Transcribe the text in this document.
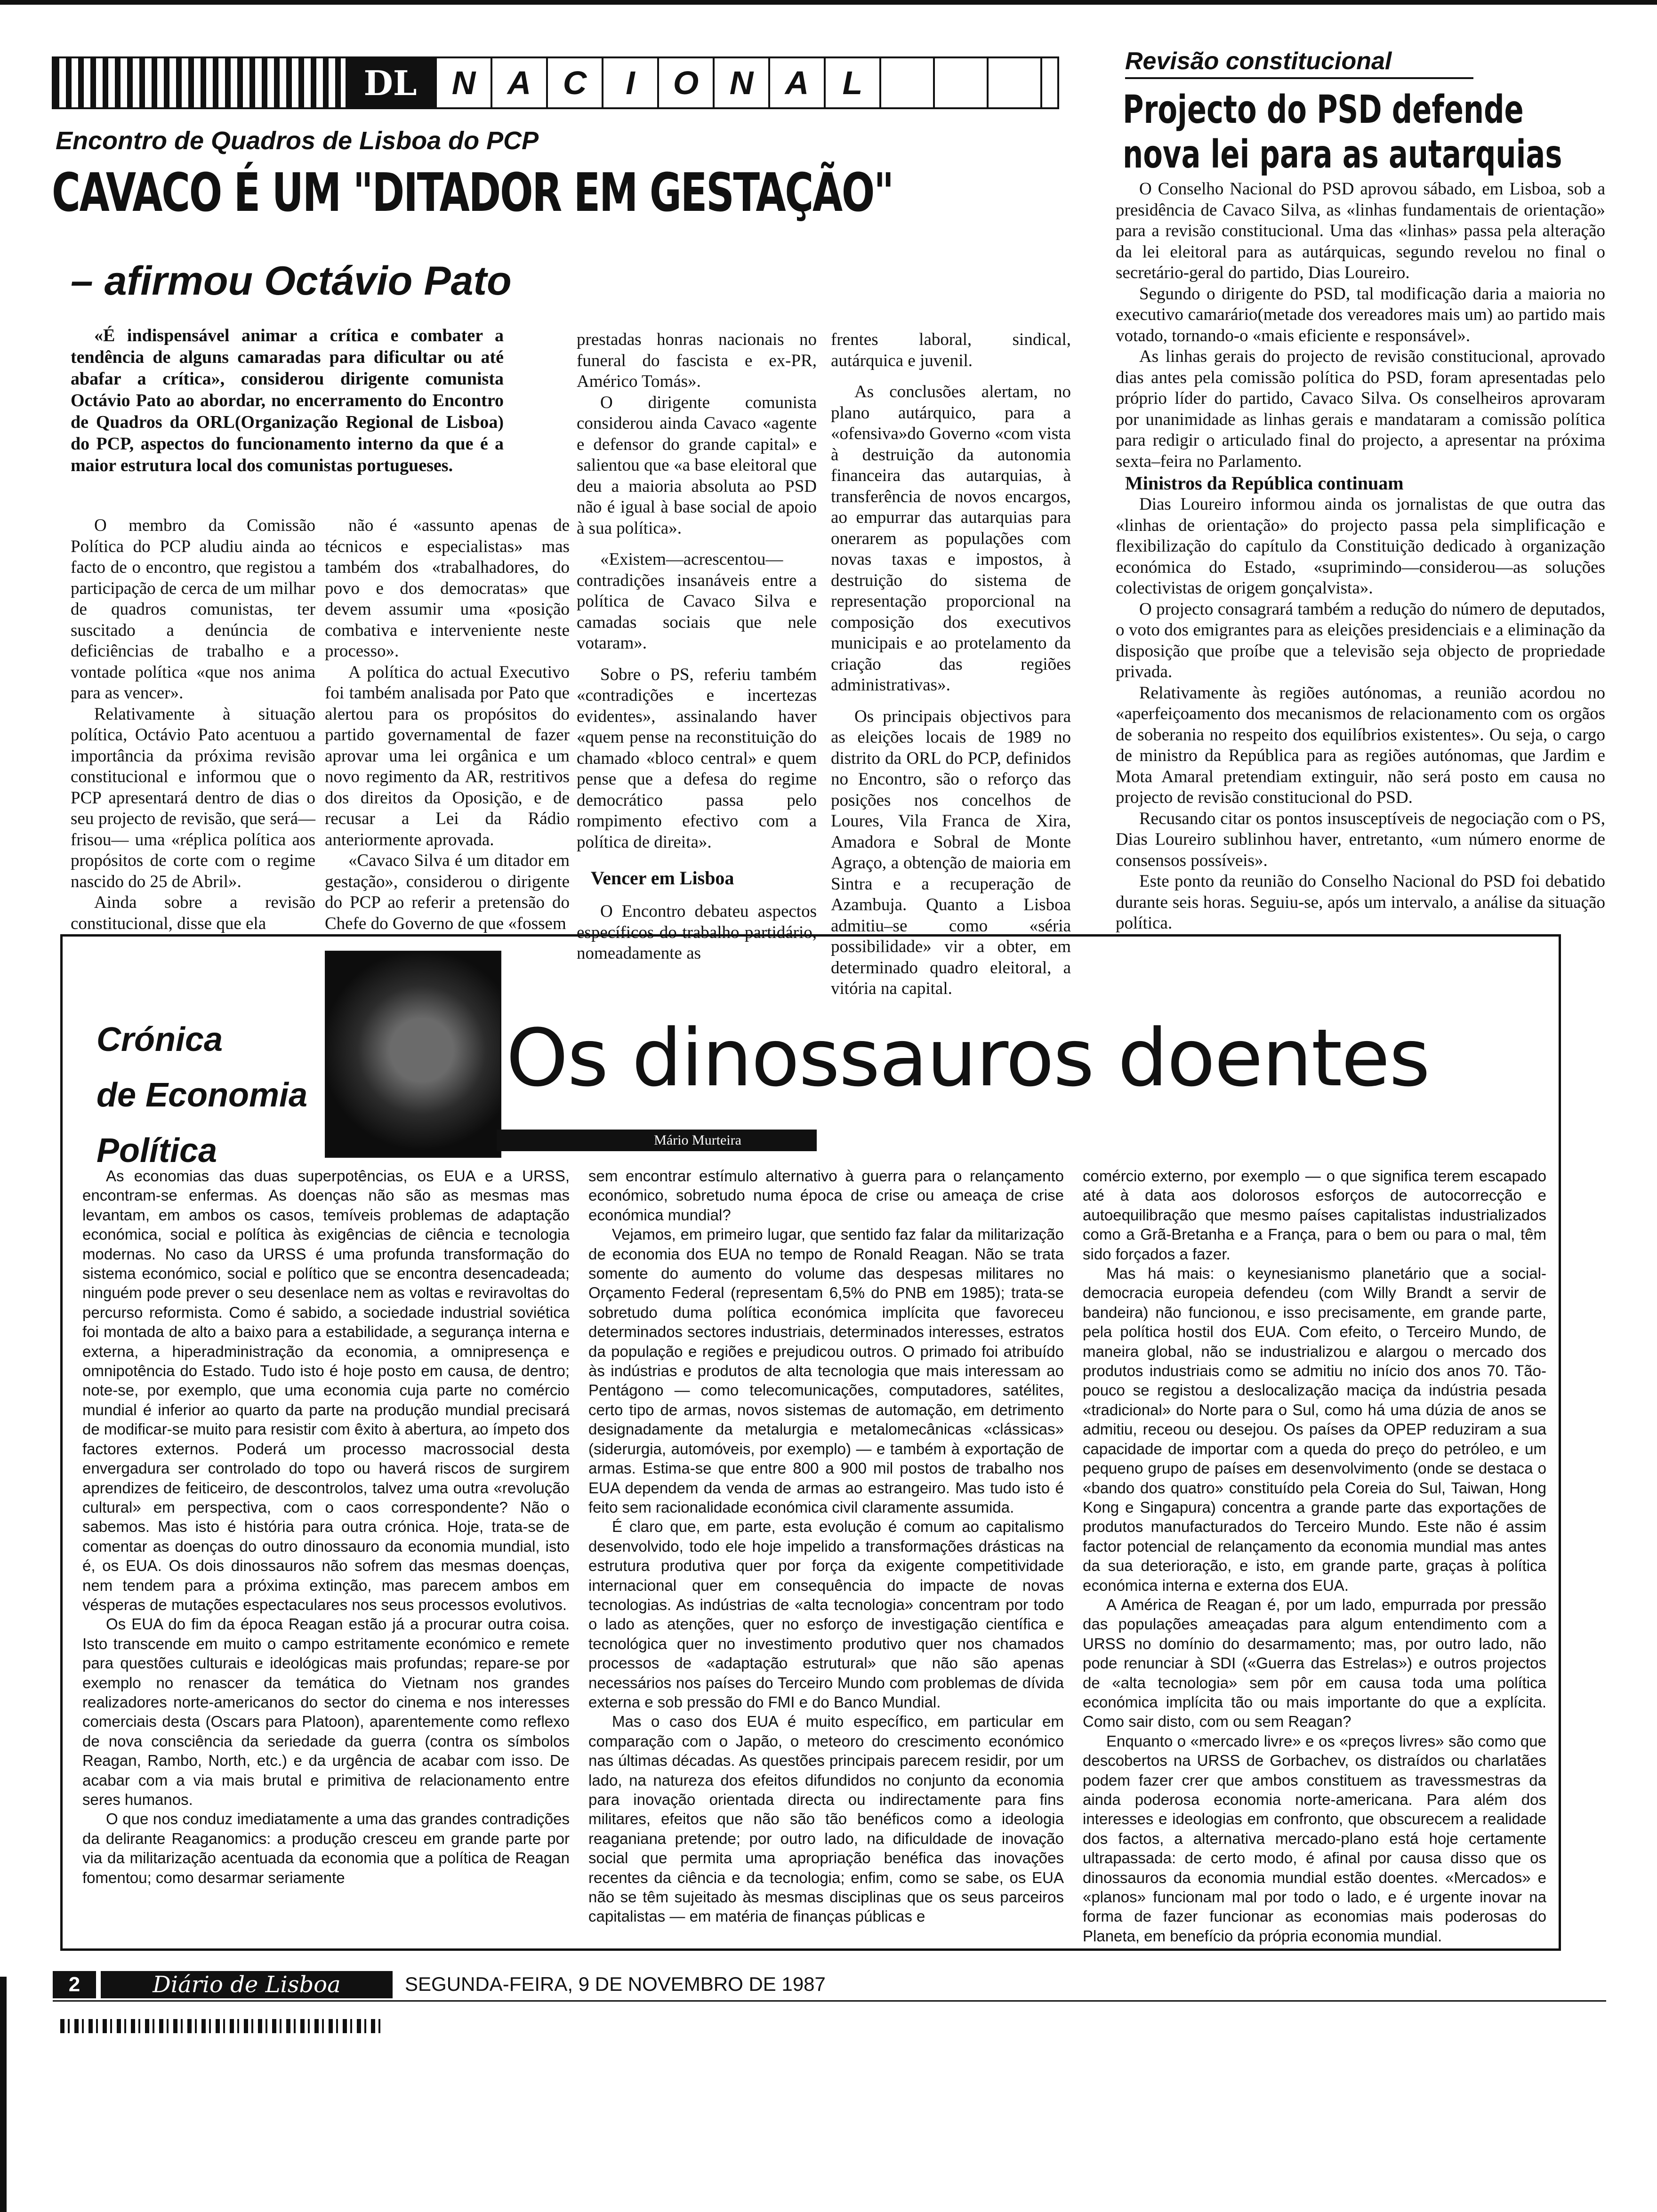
DL	N A C	I	O N A	L
Encontro de Quadros de Lisboa do PCP
CAVACO É UM "DITADOR EM GESTAÇÃO"
– afirmou Octávio Pato

«É indispensável animar a crítica e combater a tendência de alguns camaradas para dificultar ou até abafar a crítica», considerou dirigente comunista Octávio Pato ao abordar, no encerramento do Encontro de Quadros da ORL(Organização Regional de Lisboa) do PCP, aspectos do funcionamento interno da que é a maior estrutura local dos comunistas portugueses.

O membro da Comissão Política do PCP aludiu ainda ao facto de o encontro, que registou a participação de cerca de um milhar de quadros comunistas, ter suscitado a denúncia de deficiências de trabalho e a vontade política «que nos anima para as vencer».

Relativamente à situação política, Octávio Pato acentuou a importância da próxima revisão constitucional e informou que o PCP apresentará dentro de dias o seu projecto de revisão, que será—frisou— uma «réplica política aos propósitos de corte com o regime nascido do 25 de Abril».

Ainda sobre a revisão constitucional, disse que ela

não é «assunto apenas de técnicos e especialistas» mas também dos «trabalhadores, do povo e dos democratas» que devem assumir uma «posição combativa e interveniente neste processo».

A política do actual Executivo foi também analisada por Pato que alertou para os propósitos do partido governamental de fazer aprovar uma lei orgânica e um novo regimento da AR, restritivos dos direitos da Oposição, e de recusar a Lei da Rádio anteriormente aprovada.

«Cavaco Silva é um ditador em gestação», considerou o dirigente do PCP ao referir a pretensão do Chefe do Governo de que «fossem

prestadas honras nacionais no funeral do fascista e ex-PR, Américo Tomás».

O dirigente comunista considerou ainda Cavaco «agente e defensor do grande capital» e salientou que «a base eleitoral que deu a maioria absoluta ao PSD não é igual à base social de apoio à sua política».

«Existem—acrescentou— contradições insanáveis entre a política de Cavaco Silva e camadas sociais que nele votaram».

Sobre o PS, referiu também «contradições e incertezas evidentes», assinalando haver «quem pense na reconstituição do chamado «bloco central» e quem pense que a defesa do regime democrático passa pelo rompimento efectivo com a política de direita».

Vencer em Lisboa

O Encontro debateu aspectos específicos do trabalho partidário, nomeadamente as

frentes laboral, sindical, autárquica e juvenil.

As conclusões alertam, no plano autárquico, para a «ofensiva»do Governo «com vista à destruição da autonomia financeira das autarquias, à transferência de novos encargos, ao empurrar das autarquias para onerarem as populações com novas taxas e impostos, à destruição do sistema de representação proporcional na composição dos executivos municipais e ao protelamento da criação das regiões administrativas».

Os principais objectivos para as eleições locais de 1989 no distrito da ORL do PCP, definidos no Encontro, são o reforço das posições nos concelhos de Loures, Vila Franca de Xira, Amadora e Sobral de Monte Agraço, a obtenção de maioria em Sintra e a recuperação de Azambuja. Quanto a Lisboa admitiu–se como «séria possibilidade» vir a obter, em determinado quadro eleitoral, a vitória na capital.

Revisão constitucional
Projecto do PSD defende
nova lei para as autarquias

O Conselho Nacional do PSD aprovou sábado, em Lisboa, sob a presidência de Cavaco Silva, as «linhas fundamentais de orientação» para a revisão constitucional. Uma das «linhas» passa pela alteração da lei eleitoral para as autárquicas, segundo revelou no final o secretário-geral do partido, Dias Loureiro.

Segundo o dirigente do PSD, tal modificação daria a maioria no executivo camarário(metade dos vereadores mais um) ao partido mais votado, tornando-o «mais eficiente e responsável».

As linhas gerais do projecto de revisão constitucional, aprovado dias antes pela comissão política do PSD, foram apresentadas pelo próprio líder do partido, Cavaco Silva. Os conselheiros aprovaram por unanimidade as linhas gerais e mandataram a comissão política para redigir o articulado final do projecto, a apresentar na próxima sexta–feira no Parlamento.

Ministros da República continuam

Dias Loureiro informou ainda os jornalistas de que outra das «linhas de orientação» do projecto passa pela simplificação e flexibilização do capítulo da Constituição dedicado à organização económica do Estado, «suprimindo—considerou—as soluções colectivistas de origem gonçalvista».

O projecto consagrará também a redução do número de deputados, o voto dos emigrantes para as eleições presidenciais e a eliminação da disposição que proíbe que a televisão seja objecto de propriedade privada.

Relativamente às regiões autónomas, a reunião acordou no «aperfeiçoamento dos mecanismos de relacionamento com os orgãos de soberania no respeito dos equilíbrios existentes». Ou seja, o cargo de ministro da República para as regiões autónomas, que Jardim e Mota Amaral pretendiam extinguir, não será posto em causa no projecto de revisão constitucional do PSD.

Recusando citar os pontos insusceptíveis de negociação com o PS, Dias Loureiro sublinhou haver, entretanto, «um número enorme de consensos possíveis».

Este ponto da reunião do Conselho Nacional do PSD foi debatido durante seis horas. Seguiu-se, após um intervalo, a análise da situação política.

Crónica
de Economia
Política
Os dinossauros doentes
Mário Murteira

As economias das duas superpotências, os EUA e a URSS, encontram-se enfermas. As doenças não são as mesmas mas levantam, em ambos os casos, temíveis problemas de adaptação económica, social e política às exigências de ciência e tecnologia modernas. No caso da URSS é uma profunda transformação do sistema económico, social e político que se encontra desencadeada; ninguém pode prever o seu desenlace nem as voltas e reviravoltas do percurso reformista. Como é sabido, a sociedade industrial soviética foi montada de alto a baixo para a estabilidade, a segurança interna e externa, a hiperadministração da economia, a omnipresença e omnipotência do Estado. Tudo isto é hoje posto em causa, de dentro; note-se, por exemplo, que uma economia cuja parte no comércio mundial é inferior ao quarto da parte na produção mundial precisará de modificar-se muito para resistir com êxito à abertura, ao ímpeto dos factores externos. Poderá um processo macrossocial desta envergadura ser controlado do topo ou haverá riscos de surgirem aprendizes de feiticeiro, de descontrolos, talvez uma outra «revolução cultural» em perspectiva, com o caos correspondente? Não o sabemos. Mas isto é história para outra crónica. Hoje, trata-se de comentar as doenças do outro dinossauro da economia mundial, isto é, os EUA. Os dois dinossauros não sofrem das mesmas doenças, nem tendem para a próxima extinção, mas parecem ambos em vésperas de mutações espectaculares nos seus processos evolutivos.

Os EUA do fim da época Reagan estão já a procurar outra coisa. Isto transcende em muito o campo estritamente económico e remete para questões culturais e ideológicas mais profundas; repare-se por exemplo no renascer da temática do Vietnam nos grandes realizadores norte-americanos do sector do cinema e nos interesses comerciais desta (Oscars para Platoon), aparentemente como reflexo de nova consciência da seriedade da guerra (contra os símbolos Reagan, Rambo, North, etc.) e da urgência de acabar com isso. De acabar com a via mais brutal e primitiva de relacionamento entre seres humanos.

O que nos conduz imediatamente a uma das grandes contradições da delirante Reaganomics: a produção cresceu em grande parte por via da militarização acentuada da economia que a política de Reagan fomentou; como desarmar seriamente

sem encontrar estímulo alternativo à guerra para o relançamento económico, sobretudo numa época de crise ou ameaça de crise económica mundial?

Vejamos, em primeiro lugar, que sentido faz falar da militarização de economia dos EUA no tempo de Ronald Reagan. Não se trata somente do aumento do volume das despesas militares no Orçamento Federal (representam 6,5% do PNB em 1985); trata-se sobretudo duma política económica implícita que favoreceu determinados sectores industriais, determinados interesses, estratos da população e regiões e prejudicou outros. O primado foi atribuído às indústrias e produtos de alta tecnologia que mais interessam ao Pentágono — como telecomunicações, computadores, satélites, certo tipo de armas, novos sistemas de automação, em detrimento designadamente da metalurgia e metalomecânicas «clássicas» (siderurgia, automóveis, por exemplo) — e também à exportação de armas. Estima-se que entre 800 a 900 mil postos de trabalho nos EUA dependem da venda de armas ao estrangeiro. Mas tudo isto é feito sem racionalidade económica civil claramente assumida.

É claro que, em parte, esta evolução é comum ao capitalismo desenvolvido, todo ele hoje impelido a transformações drásticas na estrutura produtiva quer por força da exigente competitividade internacional quer em consequência do impacte de novas tecnologias. As indústrias de «alta tecnologia» concentram por todo o lado as atenções, quer no esforço de investigação científica e tecnológica quer no investimento produtivo quer nos chamados processos de «adaptação estrutural» que não são apenas necessários nos países do Terceiro Mundo com problemas de dívida externa e sob pressão do FMI e do Banco Mundial.

Mas o caso dos EUA é muito específico, em particular em comparação com o Japão, o meteoro do crescimento económico nas últimas décadas. As questões principais parecem residir, por um lado, na natureza dos efeitos difundidos no conjunto da economia para inovação orientada directa ou indirectamente para fins militares, efeitos que não são tão benéficos como a ideologia reaganiana pretende; por outro lado, na dificuldade de inovação social que permita uma apropriação benéfica das inovações recentes da ciência e da tecnologia; enfim, como se sabe, os EUA não se têm sujeitado às mesmas disciplinas que os seus parceiros capitalistas — em matéria de finanças públicas e

comércio externo, por exemplo — o que significa terem escapado até à data aos dolorosos esforços de autocorrecção e autoequilibração que mesmo países capitalistas industrializados como a Grã-Bretanha e a França, para o bem ou para o mal, têm sido forçados a fazer.

Mas há mais: o keynesianismo planetário que a social-democracia europeia defendeu (com Willy Brandt a servir de bandeira) não funcionou, e isso precisamente, em grande parte, pela política hostil dos EUA. Com efeito, o Terceiro Mundo, de maneira global, não se industrializou e alargou o mercado dos produtos industriais como se admitiu no início dos anos 70. Tão-pouco se registou a deslocalização maciça da indústria pesada «tradicional» do Norte para o Sul, como há uma dúzia de anos se admitiu, receou ou desejou. Os países da OPEP reduziram a sua capacidade de importar com a queda do preço do petróleo, e um pequeno grupo de países em desenvolvimento (onde se destaca o «bando dos quatro» constituído pela Coreia do Sul, Taiwan, Hong Kong e Singapura) concentra a grande parte das exportações de produtos manufacturados do Terceiro Mundo. Este não é assim factor potencial de relançamento da economia mundial mas antes da sua deterioração, e isto, em grande parte, graças à política económica interna e externa dos EUA.

A América de Reagan é, por um lado, empurrada por pressão das populações ameaçadas para algum entendimento com a URSS no domínio do desarmamento; mas, por outro lado, não pode renunciar à SDI («Guerra das Estrelas») e outros projectos de «alta tecnologia» sem pôr em causa toda uma política económica implícita tão ou mais importante do que a explícita. Como sair disto, com ou sem Reagan?

Enquanto o «mercado livre» e os «preços livres» são como que descobertos na URSS de Gorbachev, os distraídos ou charlatães podem fazer crer que ambos constituem as travessmestras da ainda poderosa economia norte-americana. Para além dos interesses e ideologias em confronto, que obscurecem a realidade dos factos, a alternativa mercado-plano está hoje certamente ultrapassada: de certo modo, é afinal por causa disso que os dinossauros da economia mundial estão doentes. «Mercados» e «planos» funcionam mal por todo o lado, e é urgente inovar na forma de fazer funcionar as economias mais poderosas do Planeta, em benefício da própria economia mundial.

2	Diário de Lisboa	SEGUNDA-FEIRA, 9 DE NOVEMBRO DE 1987
